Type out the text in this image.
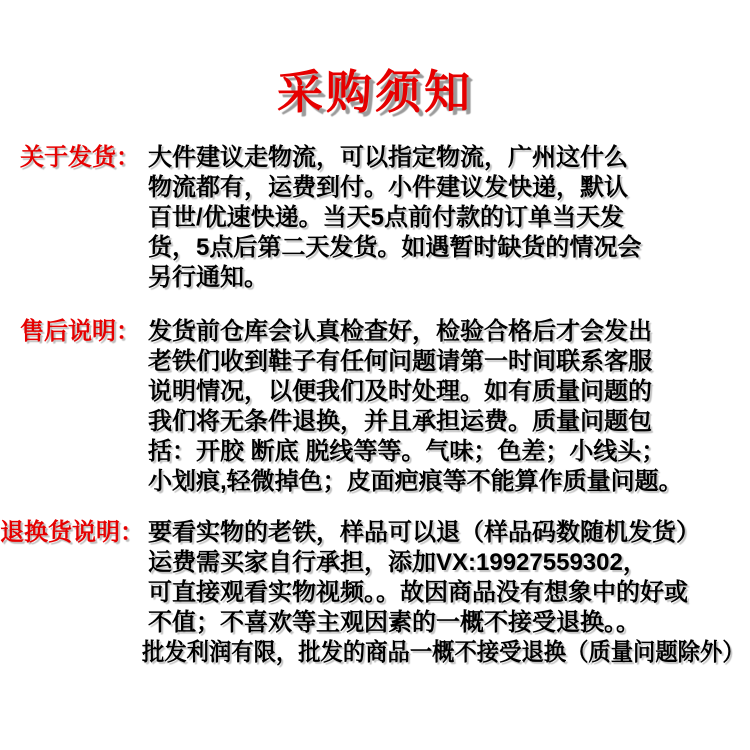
采购须知
关于发货： 大件建议走物流，可以指定物流，广州这什么
物流都有，运费到付。小件建议发快递，默认
百世/优速快递。当天5点前付款的订单当天发
货，5点后第二天发货。如遇暂时缺货的情况会
另行通知。
售后说明： 发货前仓库会认真检查好，检验合格后才会发出
老铁们收到鞋子有任何问题请第一时间联系客服
说明情况，以便我们及时处理。如有质量问题的
我们将无条件退换，并且承担运费。质量问题包
括：开胶 断底 脱线等等。气味；色差；小线头；
小划痕,轻微掉色；皮面疤痕等不能算作质量问题。
退换货说明： 要看实物的老铁，样品可以退（样品码数随机发货）
运费需买家自行承担，添加VX:19927559302，
可直接观看实物视频。。故因商品没有想象中的好或
不值；不喜欢等主观因素的一概不接受退换。。
批发利润有限，批发的商品一概不接受退换（质量问题除外）
